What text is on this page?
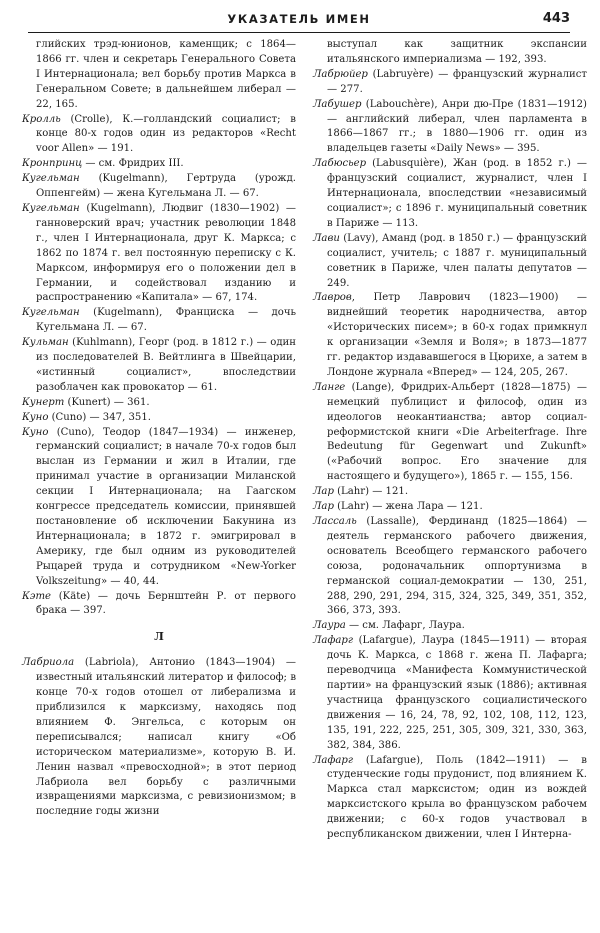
УКАЗАТЕЛЬ ИМЕН	443

глийских трэд-юнионов, каменщик; с 1864—1866 гг. член и секретарь Генерального Совета I Интернационала; вел борьбу против Маркса в Генеральном Совете; в дальнейшем либерал — 22, 165.

Кролль (Crolle), К.—голландский социалист; в конце 80-х годов один из редакторов «Recht voor Allen» — 191.

Кронпринц — см. Фридрих III.

Кугельман (Kugelmann), Гертруда (урожд. Оппенгейм) — жена Кугельмана Л. — 67.

Кугельман (Kugelmann), Людвиг (1830—1902) — ганноверский врач; участник революции 1848 г., член I Интернационала, друг К. Маркса; с 1862 по 1874 г. вел постоянную переписку с К. Марксом, информируя его о положении дел в Германии, и содействовал изданию и распространению «Капитала» — 67, 174.

Кугельман (Kugelmann), Франциска — дочь Кугельмана Л. — 67.

Кульман (Kuhlmann), Георг (род. в 1812 г.) — один из последователей В. Вейтлинга в Швейцарии, «истинный социалист», впоследствии разоблачен как провокатор — 61.

Кунерт (Kunert) — 361.

Куно (Cuno) — 347, 351.

Куно (Cuno), Теодор (1847—1934) — инженер, германский социалист; в начале 70-х годов был выслан из Германии и жил в Италии, где принимал участие в организации Миланской секции I Интернационала; на Гаагском конгрессе председатель комиссии, принявшей постановление об исключении Бакунина из Интернационала; в 1872 г. эмигрировал в Америку, где был одним из руководителей Рыцарей труда и сотрудником «New-Yorker Volkszeitung» — 40, 44.

Кэте (Käte) — дочь Бернштейн Р. от первого брака — 397.

Л

Лабриола (Labriola), Антонио (1843—1904) — известный итальянский литератор и философ; в конце 70-х годов отошел от либерализма и приблизился к марксизму, находясь под влиянием Ф. Энгельса, с которым он переписывался; написал книгу «Об историческом материализме», которую В. И. Ленин назвал «превосходной»; в этот период Лабриола вел борьбу с различными извращениями марксизма, с ревизионизмом; в последние годы жизни

выступал как защитник экспансии итальянского империализма — 192, 393.

Лабрюйер (Labruyère) — французский журналист — 277.

Лабушер (Labouchère), Анри дю-Пре (1831—1912) — английский либерал, член парламента в 1866—1867 гг.; в 1880—1906 гг. один из владельцев газеты «Daily News» — 395.

Лабюсьер (Labusquière), Жан (род. в 1852 г.) — французский социалист, журналист, член I Интернационала, впоследствии «независимый социалист»; с 1896 г. муниципальный советник в Париже — 113.

Лави (Lavy), Аманд (род. в 1850 г.) — французский социалист, учитель; с 1887 г. муниципальный советник в Париже, член палаты депутатов — 249.

Лавров, Петр Лаврович (1823—1900) — виднейший теоретик народничества, автор «Исторических писем»; в 60-х годах примкнул к организации «Земля и Воля»; в 1873—1877 гг. редактор издававшегося в Цюрихе, а затем в Лондоне журнала «Вперед» — 124, 205, 267.

Ланге (Lange), Фридрих-Альберт (1828—1875) — немецкий публицист и философ, один из идеологов неокантианства; автор социал-реформистской книги «Die Arbeiterfrage. Ihre Bedeutung für Gegenwart und Zukunft» («Рабочий вопрос. Его значение для настоящего и будущего»), 1865 г. — 155, 156.

Лар (Lahr) — 121.

Лар (Lahr) — жена Лара — 121.

Лассаль (Lassalle), Фердинанд (1825—1864) — деятель германского рабочего движения, основатель Всеобщего германского рабочего союза, родоначальник оппортунизма в германской социал-демократии — 130, 251, 288, 290, 291, 294, 315, 324, 325, 349, 351, 352, 366, 373, 393.

Лаура — см. Лафарг, Лаура.

Лафарг (Lafargue), Лаура (1845—1911) — вторая дочь К. Маркса, с 1868 г. жена П. Лафарга; переводчица «Манифеста Коммунистической партии» на французский язык (1886); активная участница французского социалистического движения — 16, 24, 78, 92, 102, 108, 112, 123, 135, 191, 222, 225, 251, 305, 309, 321, 330, 363, 382, 384, 386.

Лафарг (Lafargue), Поль (1842—1911) — в студенческие годы прудонист, под влиянием К. Маркса стал марксистом; один из вождей марксистского крыла во французском рабочем движении; с 60-х годов участвовал в республиканском движении, член I Интерна-
